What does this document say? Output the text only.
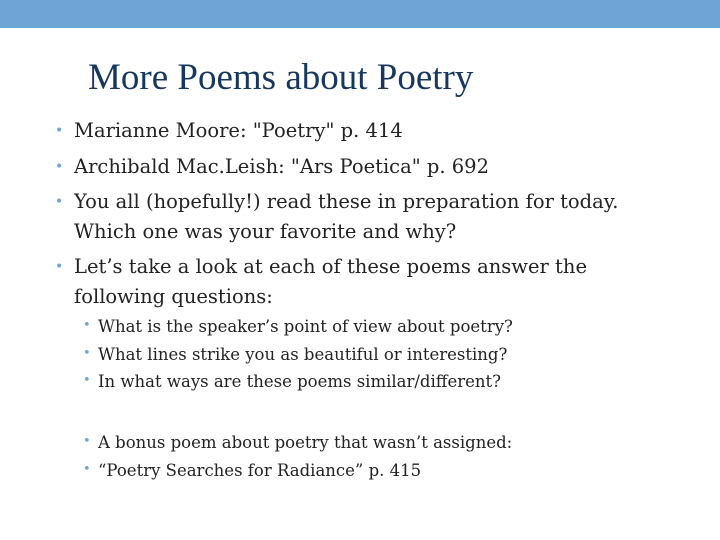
More Poems about Poetry
• Marianne Moore: "Poetry" p. 414
• Archibald Mac.Leish: "Ars Poetica" p. 692
• You all (hopefully!) read these in preparation for today.
Which one was your favorite and why?
• Let’s take a look at each of these poems answer the
following questions:
• What is the speaker’s point of view about poetry?
• What lines strike you as beautiful or interesting?
• In what ways are these poems similar/different?
• A bonus poem about poetry that wasn’t assigned:
• “Poetry Searches for Radiance” p. 415
